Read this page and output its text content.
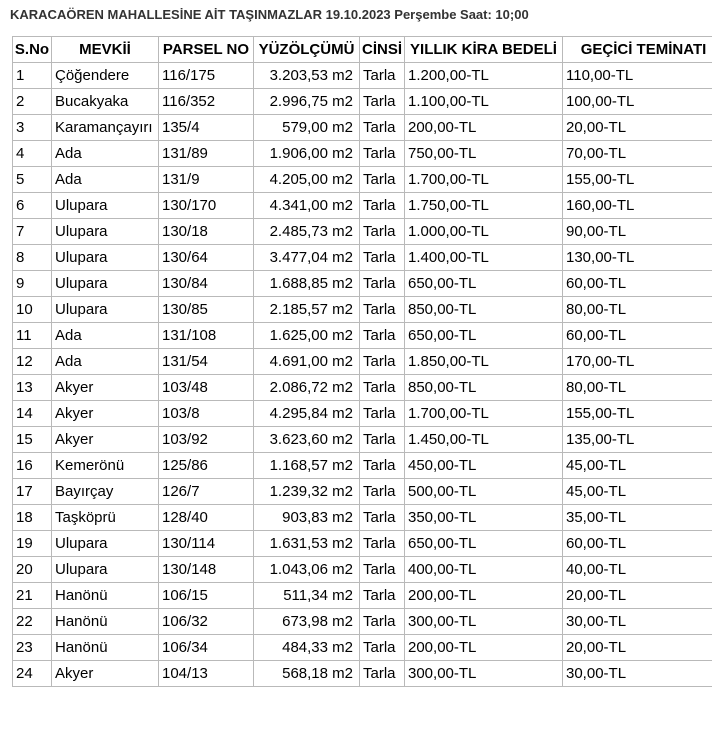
KARACAÖREN MAHALLESİNE AİT TAŞINMAZLAR 19.10.2023 Perşembe Saat: 10;00
S.No	MEVKİİ	PARSEL NO	YÜZÖLÇÜMÜ	CİNSİ	YILLIK KİRA BEDELİ	GEÇİCİ TEMİNATI
1	Çöğendere	116/175	3.203,53 m2	Tarla	1.200,00-TL	110,00-TL
2	Bucakyaka	116/352	2.996,75 m2	Tarla	1.100,00-TL	100,00-TL
3	Karamançayırı	135/4	579,00 m2	Tarla	200,00-TL	20,00-TL
4	Ada	131/89	1.906,00 m2	Tarla	750,00-TL	70,00-TL
5	Ada	131/9	4.205,00 m2	Tarla	1.700,00-TL	155,00-TL
6	Ulupara	130/170	4.341,00 m2	Tarla	1.750,00-TL	160,00-TL
7	Ulupara	130/18	2.485,73 m2	Tarla	1.000,00-TL	90,00-TL
8	Ulupara	130/64	3.477,04 m2	Tarla	1.400,00-TL	130,00-TL
9	Ulupara	130/84	1.688,85 m2	Tarla	650,00-TL	60,00-TL
10	Ulupara	130/85	2.185,57 m2	Tarla	850,00-TL	80,00-TL
11	Ada	131/108	1.625,00 m2	Tarla	650,00-TL	60,00-TL
12	Ada	131/54	4.691,00 m2	Tarla	1.850,00-TL	170,00-TL
13	Akyer	103/48	2.086,72 m2	Tarla	850,00-TL	80,00-TL
14	Akyer	103/8	4.295,84 m2	Tarla	1.700,00-TL	155,00-TL
15	Akyer	103/92	3.623,60 m2	Tarla	1.450,00-TL	135,00-TL
16	Kemerönü	125/86	1.168,57 m2	Tarla	450,00-TL	45,00-TL
17	Bayırçay	126/7	1.239,32 m2	Tarla	500,00-TL	45,00-TL
18	Taşköprü	128/40	903,83 m2	Tarla	350,00-TL	35,00-TL
19	Ulupara	130/114	1.631,53 m2	Tarla	650,00-TL	60,00-TL
20	Ulupara	130/148	1.043,06 m2	Tarla	400,00-TL	40,00-TL
21	Hanönü	106/15	511,34 m2	Tarla	200,00-TL	20,00-TL
22	Hanönü	106/32	673,98 m2	Tarla	300,00-TL	30,00-TL
23	Hanönü	106/34	484,33 m2	Tarla	200,00-TL	20,00-TL
24	Akyer	104/13	568,18 m2	Tarla	300,00-TL	30,00-TL
